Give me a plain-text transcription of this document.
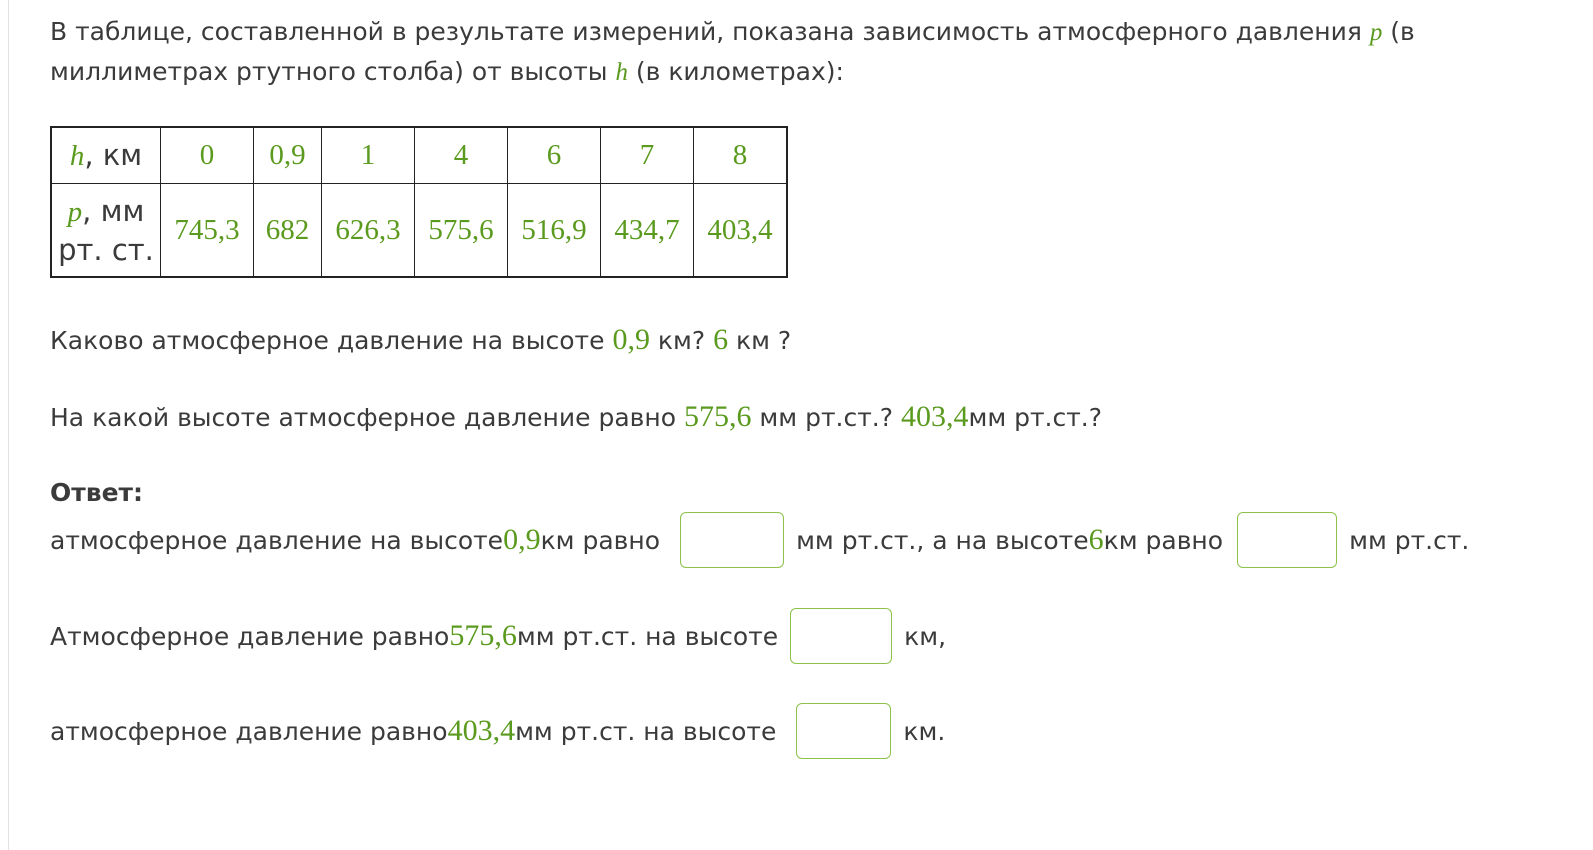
В таблице, составленной в результате измерений, показана зависимость атмосферного давления p (в миллиметрах ртутного столба) от высоты h (в километрах):
h, км	0	0,9	1	4	6	7	8
p, мм
рт. ст.	745,3	682	626,3	575,6	516,9	434,7	403,4
Каково атмосферное давление на высоте 0,9 км? 6 км ?
На какой высоте атмосферное давление равно 575,6 мм рт.ст.? 403,4мм рт.ст.?
Ответ:
атмосферное давление на высоте 0,9 км равно	мм рт.ст., а на высоте 6 км равно	мм рт.ст.
Атмосферное давление равно 575,6 мм рт.ст. на высоте	км,
атмосферное давление равно 403,4 мм рт.ст. на высоте	км.
